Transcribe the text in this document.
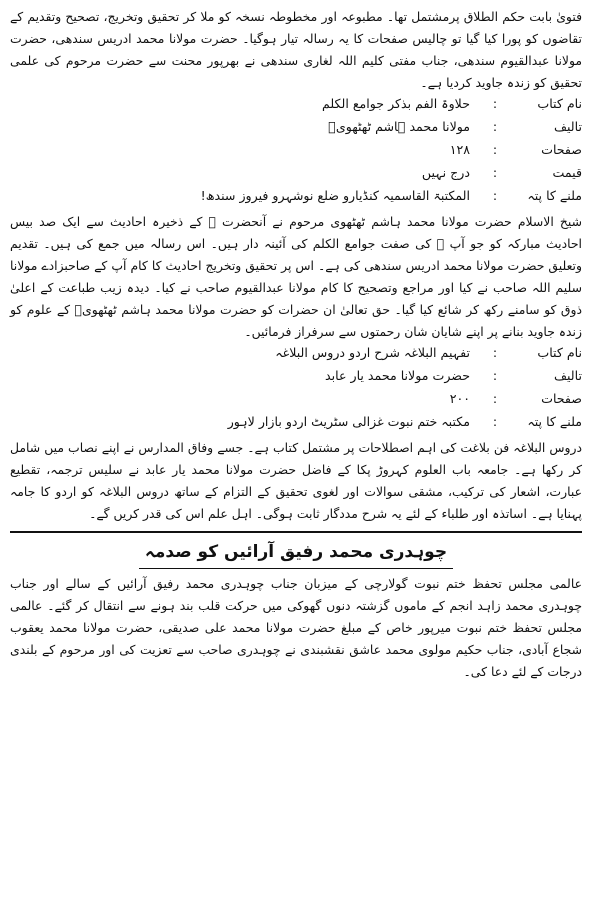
فتویٰ بابت حکم الطلاق پرمشتمل تھا۔ مطبوعہ اور مخطوطہ نسخہ کو ملا کر تحقیق وتخریج، تصحیح وتقدیم کے تقاضوں کو پورا کیا گیا تو چالیس صفحات کا یہ رسالہ تیار ہوگیا۔ حضرت مولانا محمد ادریس سندھی، حضرت مولانا عبدالقیوم سندھی، جناب مفتی کلیم اللہ لغاری سندھی نے بھرپور محنت سے حضرت مرحوم کی علمی تحقیق کو زندہ جاوید کردیا ہے۔

نام کتاب
:
حلاوۃ الفم بذکر جوامع الکلم
تالیف
:
مولانا محمد ہاشم ٹھٹھویؒ
صفحات
:
۱۲۸
قیمت
:
درج نہیں
ملنے کا پتہ
:
المکتبۃ القاسمیہ کنڈیارو ضلع نوشہرو فیروز سندھ!

شیخ الاسلام حضرت مولانا محمد ہاشم ٹھٹھوی مرحوم نے آنحضرت ﷺ کے ذخیرہ احادیث سے ایک صد بیس احادیث مبارکہ کو جو آپ ﷺ کی صفت جوامع الکلم کی آئینہ دار ہیں۔ اس رسالہ میں جمع کی ہیں۔ تقدیم وتعلیق حضرت مولانا محمد ادریس سندھی کی ہے۔ اس پر تحقیق وتخریج احادیث کا کام آپ کے صاحبزادے مولانا سلیم اللہ صاحب نے کیا اور مراجع وتصحیح کا کام مولانا عبدالقیوم صاحب نے کیا۔ دیدہ زیب طباعت کے اعلیٰ ذوق کو سامنے رکھ کر شائع کیا گیا۔ حق تعالیٰ ان حضرات کو حضرت مولانا محمد ہاشم ٹھٹھویؒ کے علوم کو زندہ جاوید بنانے پر اپنے شایان شان رحمتوں سے سرفراز فرمائیں۔

نام کتاب
:
تفہیم البلاغہ شرح اردو دروس البلاغہ
تالیف
:
حضرت مولانا محمد یار عابد
صفحات
:
۲۰۰
ملنے کا پتہ
:
مکتبہ ختم نبوت غزالی سٹریٹ اردو بازار لاہور

دروس البلاغہ فن بلاغت کی اہم اصطلاحات پر مشتمل کتاب ہے۔ جسے وفاق المدارس نے اپنے نصاب میں شامل کر رکھا ہے۔ جامعہ باب العلوم کہروڑ پکا کے فاضل حضرت مولانا محمد یار عابد نے سلیس ترجمہ، تقطیع عبارت، اشعار کی ترکیب، مشقی سوالات اور لغوی تحقیق کے التزام کے ساتھ دروس البلاغہ کو اردو کا جامہ پہنایا ہے۔ اساتذہ اور طلباء کے لئے یہ شرح مددگار ثابت ہوگی۔ اہل علم اس کی قدر کریں گے۔

چوہدری محمد رفیق آرائیں کو صدمہ

عالمی مجلس تحفظ ختم نبوت گولارچی کے میزبان جناب چوہدری محمد رفیق آرائیں کے سالے اور جناب چوہدری محمد زاہد انجم کے ماموں گزشتہ دنوں گھوکی میں حرکت قلب بند ہونے سے انتقال کر گئے۔ عالمی مجلس تحفظ ختم نبوت میرپور خاص کے مبلغ حضرت مولانا محمد علی صدیقی، حضرت مولانا محمد یعقوب شجاع آبادی، جناب حکیم مولوی محمد عاشق نقشبندی نے چوہدری صاحب سے تعزیت کی اور مرحوم کے بلندی درجات کے لئے دعا کی۔
